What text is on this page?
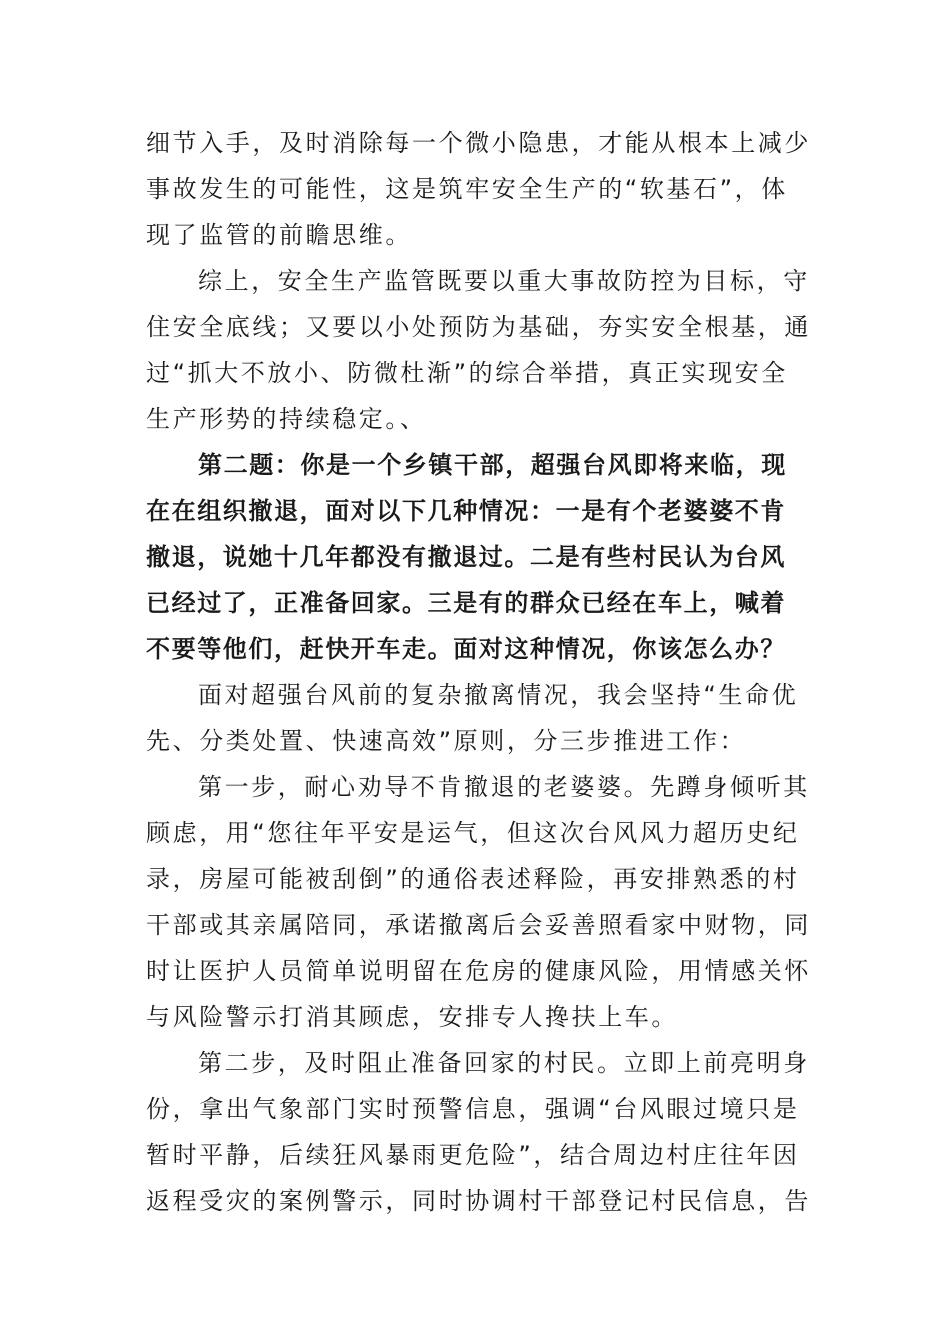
细节入手，及时消除每一个微小隐患，才能从根本上减少
事故发生的可能性，这是筑牢安全生产的“软基石”，体
现了监管的前瞻思维。
综上，安全生产监管既要以重大事故防控为目标，守
住安全底线；又要以小处预防为基础，夯实安全根基，通
过“抓大不放小、防微杜渐”的综合举措，真正实现安全
生产形势的持续稳定。、
第二题：你是一个乡镇干部，超强台风即将来临，现
在在组织撤退，面对以下几种情况：一是有个老婆婆不肯
撤退，说她十几年都没有撤退过。二是有些村民认为台风
已经过了，正准备回家。三是有的群众已经在车上，喊着
不要等他们，赶快开车走。面对这种情况，你该怎么办？
面对超强台风前的复杂撤离情况，我会坚持“生命优
先、分类处置、快速高效”原则，分三步推进工作：
第一步，耐心劝导不肯撤退的老婆婆。先蹲身倾听其
顾虑，用“您往年平安是运气，但这次台风风力超历史纪
录，房屋可能被刮倒”的通俗表述释险，再安排熟悉的村
干部或其亲属陪同，承诺撤离后会妥善照看家中财物，同
时让医护人员简单说明留在危房的健康风险，用情感关怀
与风险警示打消其顾虑，安排专人搀扶上车。
第二步，及时阻止准备回家的村民。立即上前亮明身
份，拿出气象部门实时预警信息，强调“台风眼过境只是
暂时平静，后续狂风暴雨更危险”，结合周边村庄往年因
返程受灾的案例警示，同时协调村干部登记村民信息，告
